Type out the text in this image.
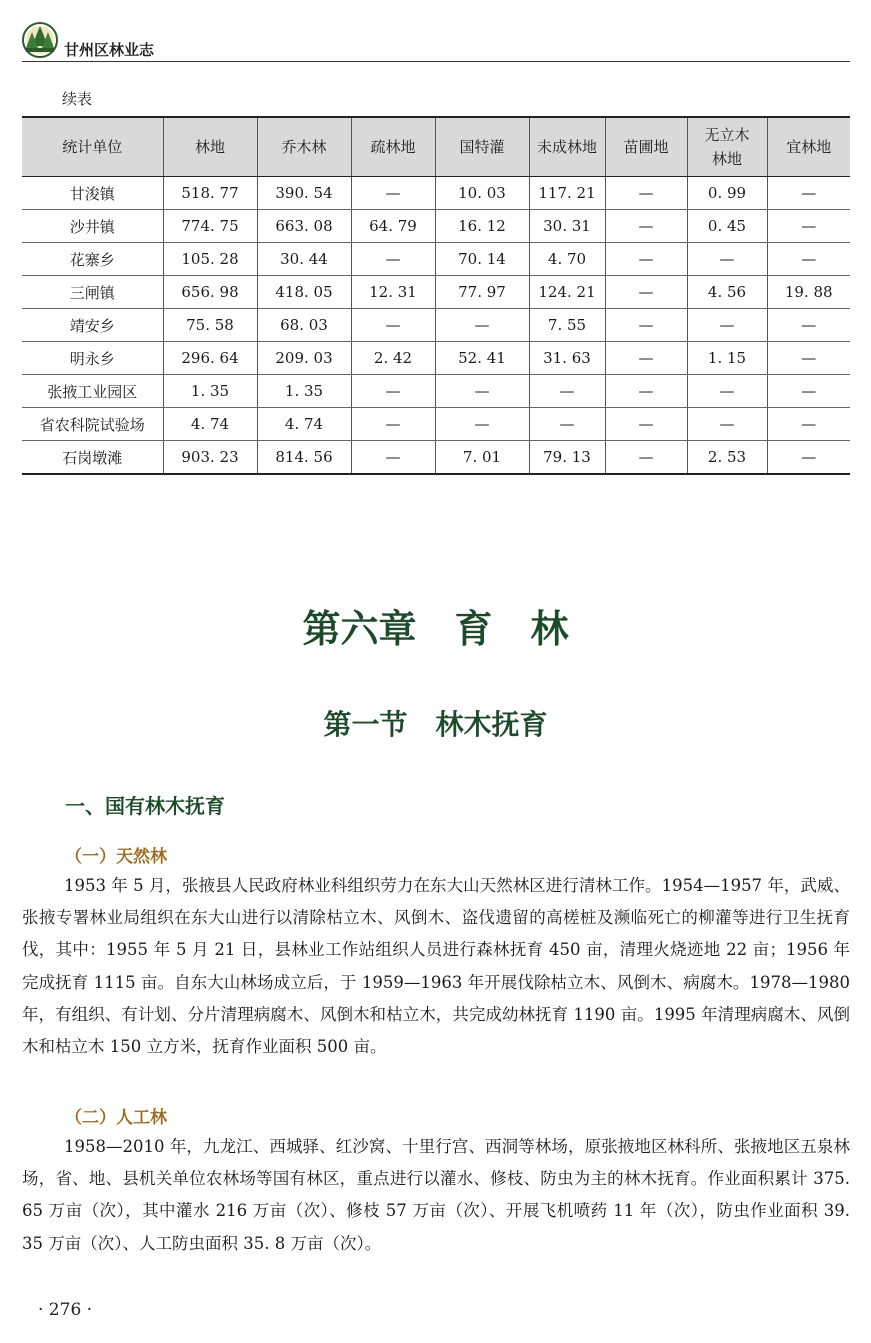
甘州区林业志
续表
统计单位	林地	乔木林	疏林地	国特灌	未成林地	苗圃地	无立木林地	宜林地
甘浚镇	518. 77	390. 54	—	10. 03	117. 21	—	0. 99	—
沙井镇	774. 75	663. 08	64. 79	16. 12	30. 31	—	0. 45	—
花寨乡	105. 28	30. 44	—	70. 14	4. 70	—	—	—
三闸镇	656. 98	418. 05	12. 31	77. 97	124. 21	—	4. 56	19. 88
靖安乡	75. 58	68. 03	—	—	7. 55	—	—	—
明永乡	296. 64	209. 03	2. 42	52. 41	31. 63	—	1. 15	—
张掖工业园区	1. 35	1. 35	—	—	—	—	—	—
省农科院试验场	4. 74	4. 74	—	—	—	—	—	—
石岗墩滩	903. 23	814. 56	—	7. 01	79. 13	—	2. 53	—
第六章　育　林
第一节　林木抚育
一、国有林木抚育
（一）天然林
1953 年 5 月，张掖县人民政府林业科组织劳力在东大山天然林区进行清林工作。1954—1957 年，武威、张掖专署林业局组织在东大山进行以清除枯立木、风倒木、盗伐遗留的高槎桩及濒临死亡的柳灌等进行卫生抚育伐，其中：1955 年 5 月 21 日，县林业工作站组织人员进行森林抚育 450 亩，清理火烧迹地 22 亩；1956 年完成抚育 1115 亩。自东大山林场成立后，于 1959—1963 年开展伐除枯立木、风倒木、病腐木。1978—1980 年，有组织、有计划、分片清理病腐木、风倒木和枯立木，共完成幼林抚育 1190 亩。1995 年清理病腐木、风倒木和枯立木 150 立方米，抚育作业面积 500 亩。
（二）人工林
1958—2010 年，九龙江、西城驿、红沙窝、十里行宫、西洞等林场，原张掖地区林科所、张掖地区五泉林场，省、地、县机关单位农林场等国有林区，重点进行以灌水、修枝、防虫为主的林木抚育。作业面积累计 375. 65 万亩（次），其中灌水 216 万亩（次）、修枝 57 万亩（次）、开展飞机喷药 11 年（次），防虫作业面积 39. 35 万亩（次）、人工防虫面积 35. 8 万亩（次）。
· 276 ·
